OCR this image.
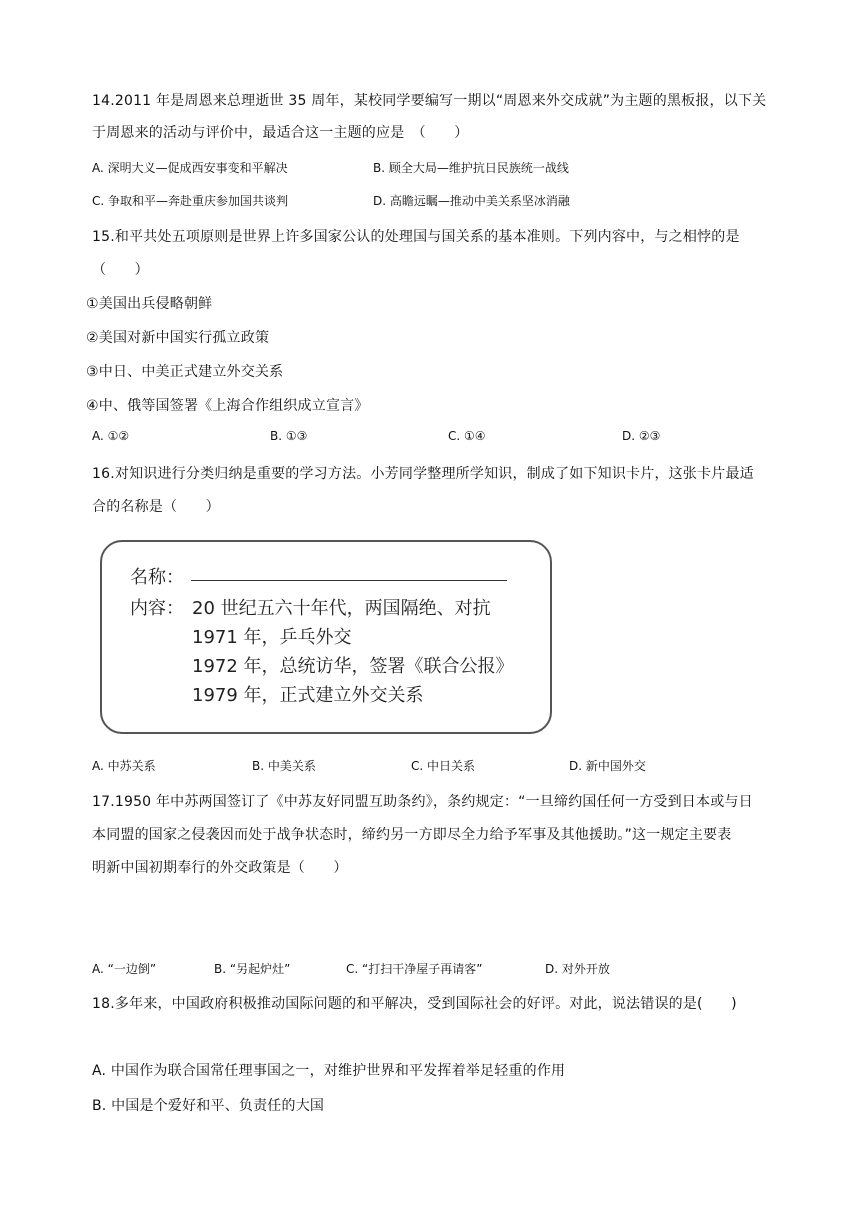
14.2011 年是周恩来总理逝世 35 周年，某校同学要编写一期以“周恩来外交成就”为主题的黑板报，以下关
于周恩来的活动与评价中，最适合这一主题的应是　（　　）
A. 深明大义—促成西安事变和平解决	B. 顾全大局—维护抗日民族统一战线
C. 争取和平—奔赴重庆参加国共谈判	D. 高瞻远瞩—推动中美关系坚冰消融
15.和平共处五项原则是世界上许多国家公认的处理国与国关系的基本准则。下列内容中，与之相悖的是
（　　）
①美国出兵侵略朝鲜
②美国对新中国实行孤立政策
③中日、中美正式建立外交关系
④中、俄等国签署《上海合作组织成立宣言》
A. ①②	B. ①③	C. ①④	D. ②③
16.对知识进行分类归纳是重要的学习方法。小芳同学整理所学知识，制成了如下知识卡片，这张卡片最适
合的名称是（　　）
名称：
内容： 20 世纪五六十年代，两国隔绝、对抗
1971 年，乒乓外交
1972 年，总统访华，签署《联合公报》
1979 年，正式建立外交关系
A. 中苏关系	B. 中美关系	C. 中日关系	D. 新中国外交
17.1950 年中苏两国签订了《中苏友好同盟互助条约》，条约规定：“一旦缔约国任何一方受到日本或与日
本同盟的国家之侵袭因而处于战争状态时，缔约另一方即尽全力给予军事及其他援助。”这一规定主要表
明新中国初期奉行的外交政策是（　　）
A. “一边倒”	B. “另起炉灶”	C. “打扫干净屋子再请客”	D. 对外开放
18.多年来，中国政府积极推动国际问题的和平解决，受到国际社会的好评。对此，说法错误的是(　　)
A. 中国作为联合国常任理事国之一，对维护世界和平发挥着举足轻重的作用
B. 中国是个爱好和平、负责任的大国
